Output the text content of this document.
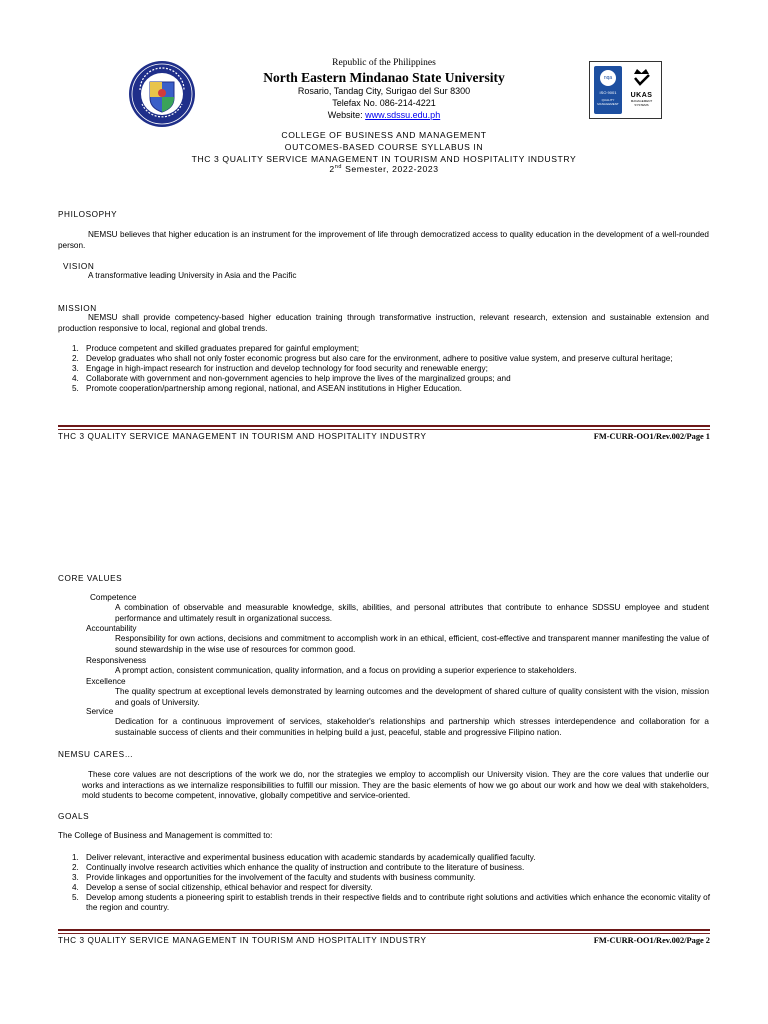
Republic of the Philippines
North Eastern Mindanao State University
Rosario, Tandag City, Surigao del Sur 8300
Telefax No. 086-214-4221
Website: www.sdssu.edu.ph
nqa
ISO 9001
QUALITY MANAGEMENT
UKAS
MANAGEMENT SYSTEMS
COLLEGE OF BUSINESS AND MANAGEMENT
OUTCOMES-BASED COURSE SYLLABUS IN
THC 3 QUALITY SERVICE MANAGEMENT IN TOURISM AND HOSPITALITY INDUSTRY
2nd Semester, 2022-2023
PHILOSOPHY

NEMSU believes that higher education is an instrument for the improvement of life through democratized access to quality education in the development of a well-rounded person.

VISION

A transformative leading University in Asia and the Pacific

MISSION

NEMSU shall provide competency-based higher education training through transformative instruction, relevant research, extension and sustainable extension and production responsive to local, regional and global trends.

1. Produce competent and skilled graduates prepared for gainful employment;
2. Develop graduates who shall not only foster economic progress but also care for the environment, adhere to positive value system, and preserve cultural heritage;
3. Engage in high-impact research for instruction and develop technology for food security and renewable energy;
4. Collaborate with government and non-government agencies to help improve the lives of the marginalized groups; and
5. Promote cooperation/partnership among regional, national, and ASEAN institutions in Higher Education.
THC 3 QUALITY SERVICE MANAGEMENT IN TOURISM AND HOSPITALITY INDUSTRY	FM-CURR-OO1/Rev.002/Page 1
CORE VALUES
Competence

A combination of observable and measurable knowledge, skills, abilities, and personal attributes that contribute to enhance SDSSU employee and student performance and ultimately result in organizational success.

Accountability

Responsibility for own actions, decisions and commitment to accomplish work in an ethical, efficient, cost-effective and transparent manner manifesting the value of sound stewardship in the wise use of resources for common good.

Responsiveness

A prompt action, consistent communication, quality information, and a focus on providing a superior experience to stakeholders.

Excellence

The quality spectrum at exceptional levels demonstrated by learning outcomes and the development of shared culture of quality consistent with the vision, mission and goals of University.

Service

Dedication for a continuous improvement of services, stakeholder's relationships and partnership which stresses interdependence and collaboration for a sustainable success of clients and their communities in helping build a just, peaceful, stable and progressive Filipino nation.

NEMSU CARES…

These core values are not descriptions of the work we do, nor the strategies we employ to accomplish our University vision. They are the core values that underlie our works and interactions as we internalize responsibilities to fulfill our mission. They are the basic elements of how we go about our work and how we deal with stakeholders, mold students to become competent, innovative, globally competitive and service-oriented.

GOALS

The College of Business and Management is committed to:

1. Deliver relevant, interactive and experimental business education with academic standards by academically qualified faculty.
2. Continually involve research activities which enhance the quality of instruction and contribute to the literature of business.
3. Provide linkages and opportunities for the involvement of the faculty and students with business community.
4. Develop a sense of social citizenship, ethical behavior and respect for diversity.
5. Develop among students a pioneering spirit to establish trends in their respective fields and to contribute right solutions and activities which enhance the economic vitality of the region and country.
THC 3 QUALITY SERVICE MANAGEMENT IN TOURISM AND HOSPITALITY INDUSTRY	FM-CURR-OO1/Rev.002/Page 2
